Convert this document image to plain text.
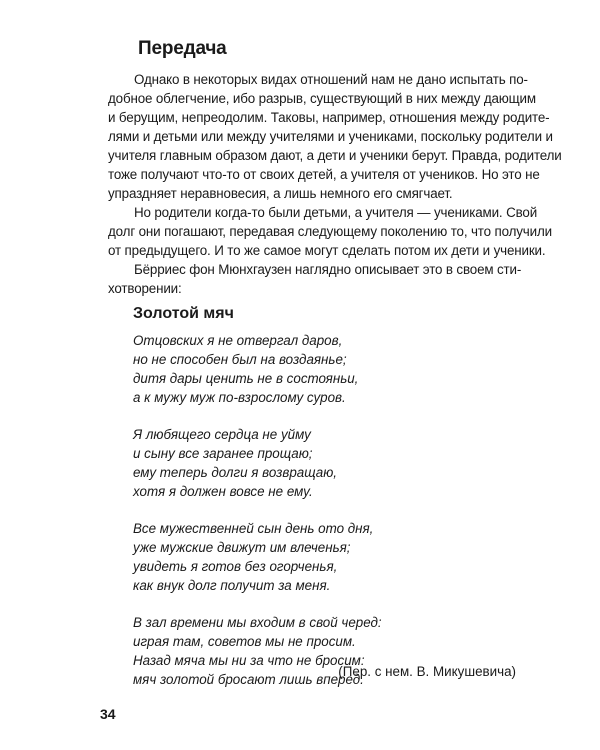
Передача
Однако в некоторых видах отношений нам не дано испытать по-
добное облегчение, ибо разрыв, существующий в них между дающим
и берущим, непреодолим. Таковы, например, отношения между родите-
лями и детьми или между учителями и учениками, поскольку родители и
учителя главным образом дают, а дети и ученики берут. Правда, родители
тоже получают что-то от своих детей, а учителя от учеников. Но это не
упраздняет неравновесия, а лишь немного его смягчает.
Но родители когда-то были детьми, а учителя — учениками. Свой
долг они погашают, передавая следующему поколению то, что получили
от предыдущего. И то же самое могут сделать потом их дети и ученики.
Бёрриес фон Мюнхгаузен наглядно описывает это в своем сти-
хотворении:
Золотой мяч
Отцовских я не отвергал даров,
но не способен был на воздаянье;
дитя дары ценить не в состояньи,
а к мужу муж по-взрослому суров.
Я любящего сердца не уйму
и сыну все заранее прощаю;
ему теперь долги я возвращаю,
хотя я должен вовсе не ему.
Все мужественней сын день ото дня,
уже мужские движут им влеченья;
увидеть я готов без огорченья,
как внук долг получит за меня.
В зал времени мы входим в свой черед:
играя там, советов мы не просим.
Назад мяча мы ни за что не бросим:
мяч золотой бросают лишь вперед.
(Пер. с нем. В. Микушевича)
34
